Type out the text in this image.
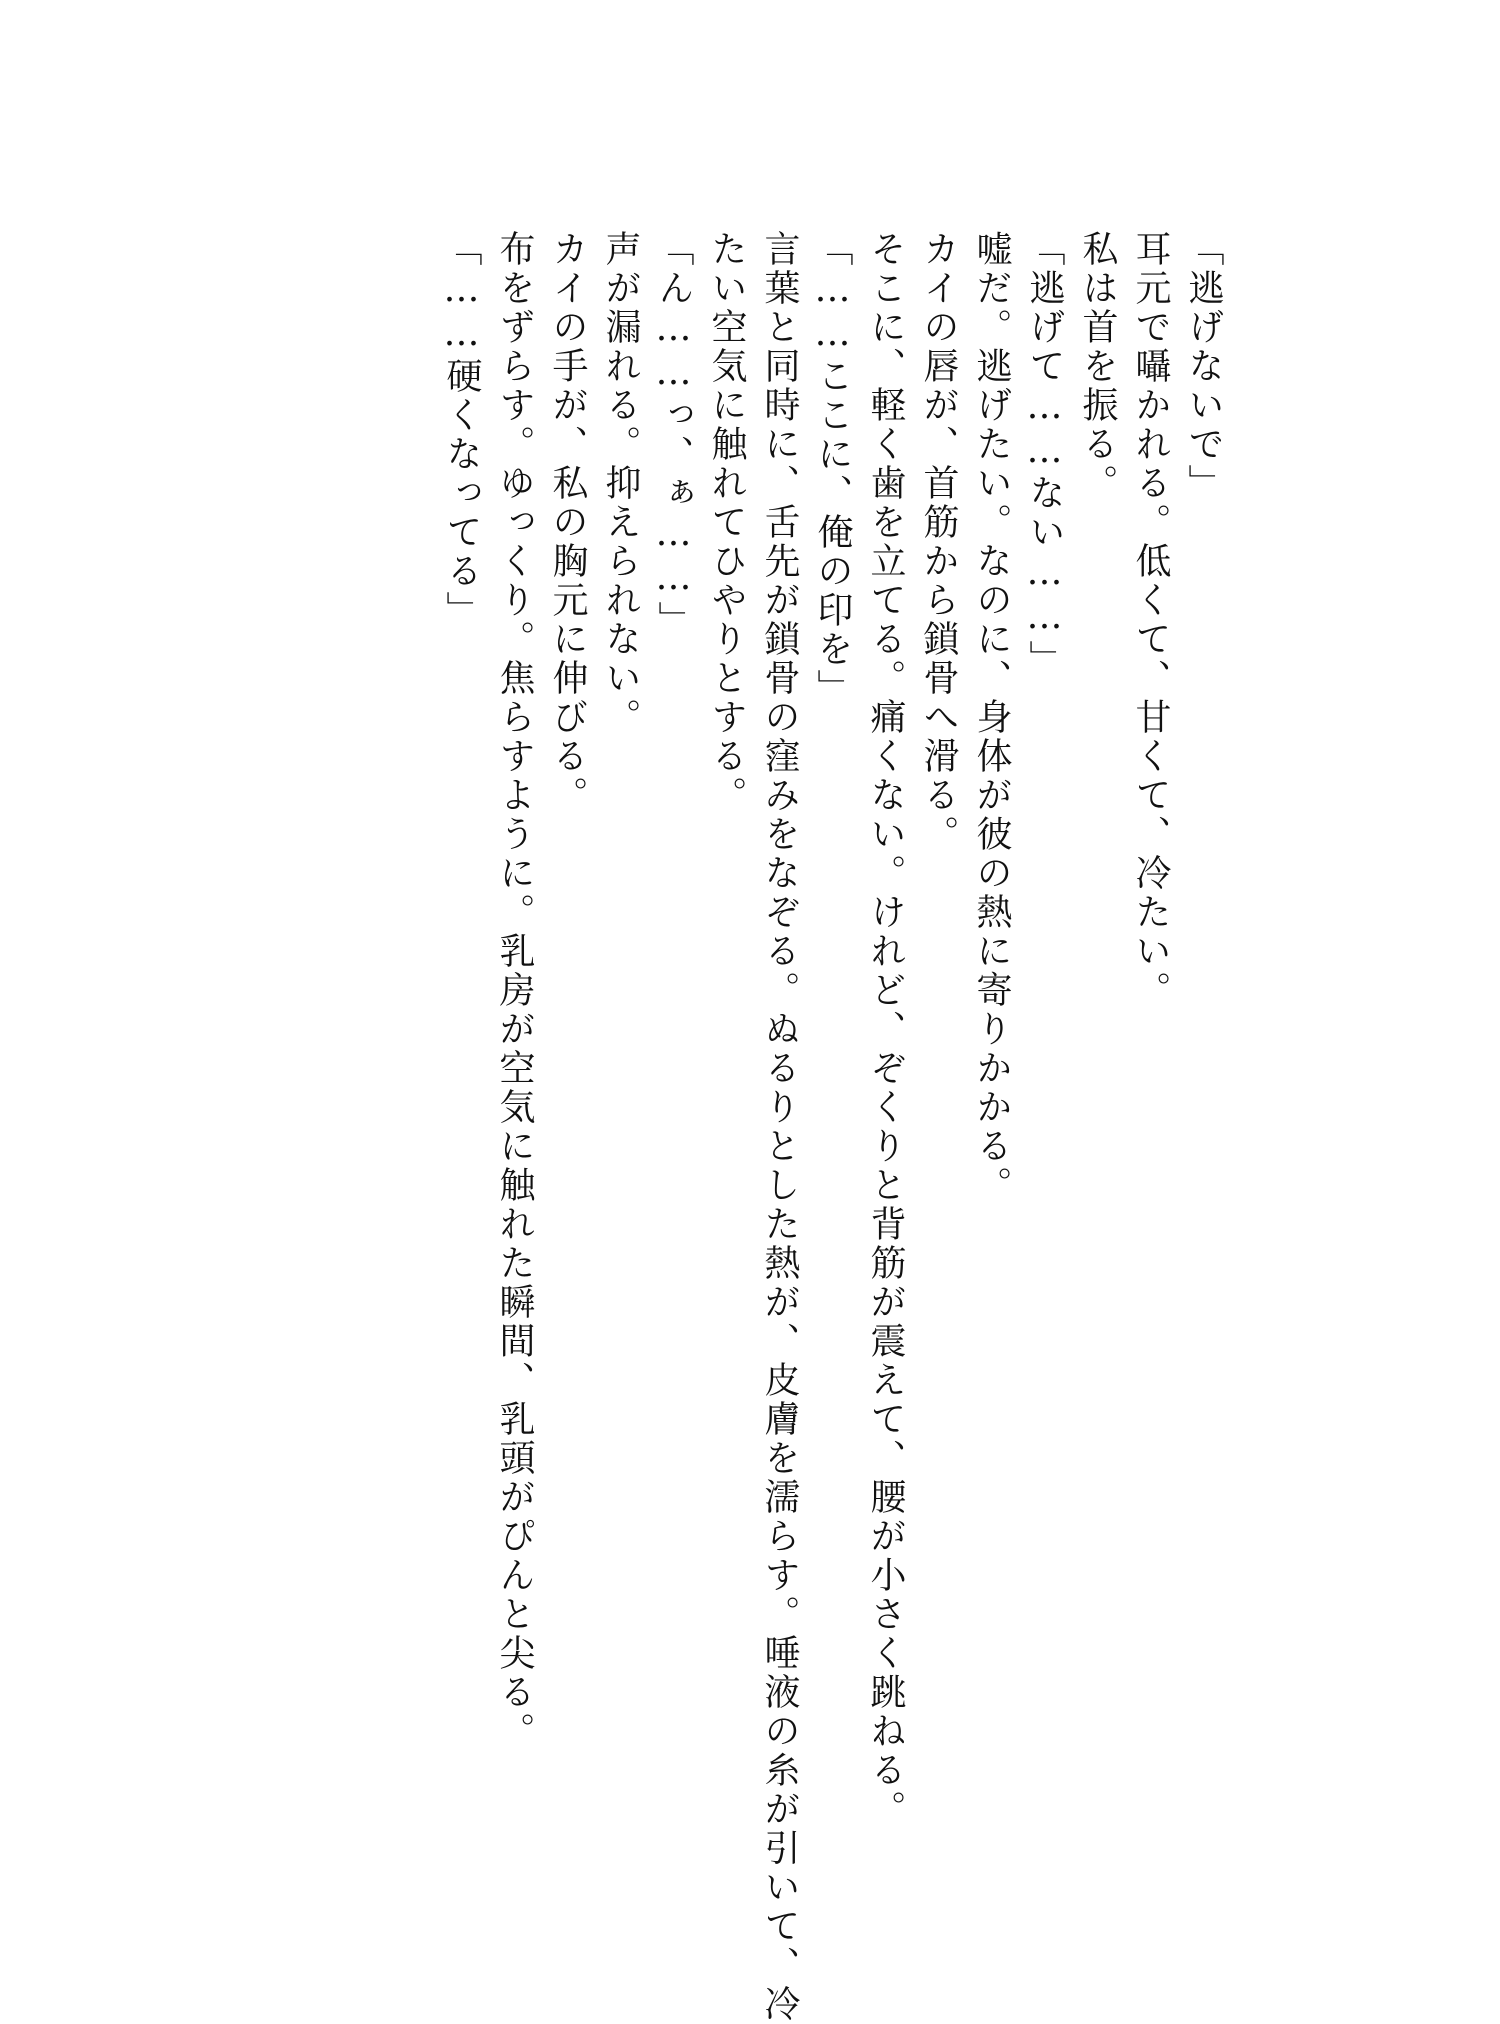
「逃げないで」
耳元で囁かれる。低くて、甘くて、冷たい。
私は首を振る。
「逃げて……ない……」
嘘だ。逃げたい。なのに、身体が彼の熱に寄りかかる。
カイの唇が、首筋から鎖骨へ滑る。
そこに、軽く歯を立てる。痛くない。けれど、ぞくりと背筋が震えて、腰が小さく跳ねる。
「……ここに、俺の印を」
言葉と同時に、舌先が鎖骨の窪みをなぞる。ぬるりとした熱が、皮膚を濡らす。唾液の糸が引いて、冷
たい空気に触れてひやりとする。
「ん……っ、ぁ……」
声が漏れる。抑えられない。
カイの手が、私の胸元に伸びる。
布をずらす。ゆっくり。焦らすように。乳房が空気に触れた瞬間、乳頭がぴんと尖る。
「……硬くなってる」
